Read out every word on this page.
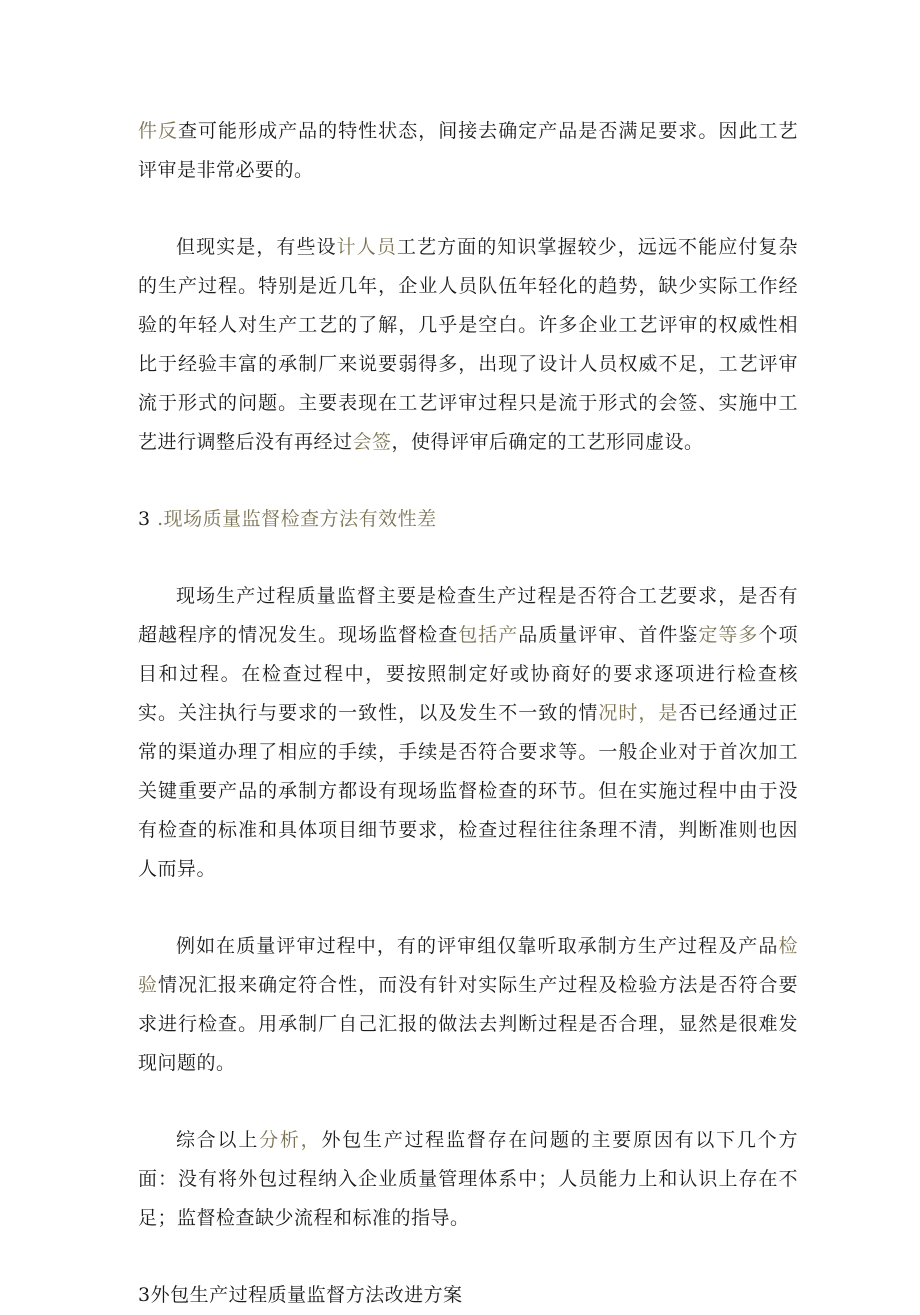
件反查可能形成产品的特性状态，间接去确定产品是否满足要求。因此工艺评审是非常必要的。

但现实是，有些设计人员工艺方面的知识掌握较少，远远不能应付复杂的生产过程。特别是近几年，企业人员队伍年轻化的趋势，缺少实际工作经验的年轻人对生产工艺的了解，几乎是空白。许多企业工艺评审的权威性相比于经验丰富的承制厂来说要弱得多，出现了设计人员权威不足，工艺评审流于形式的问题。主要表现在工艺评审过程只是流于形式的会签、实施中工艺进行调整后没有再经过会签，使得评审后确定的工艺形同虚设。

3 .现场质量监督检查方法有效性差

现场生产过程质量监督主要是检查生产过程是否符合工艺要求，是否有超越程序的情况发生。现场监督检查包括产品质量评审、首件鉴定等多个项目和过程。在检查过程中，要按照制定好或协商好的要求逐项进行检查核实。关注执行与要求的一致性，以及发生不一致的情况时，是否已经通过正常的渠道办理了相应的手续，手续是否符合要求等。一般企业对于首次加工关键重要产品的承制方都设有现场监督检查的环节。但在实施过程中由于没有检查的标准和具体项目细节要求，检查过程往往条理不清，判断准则也因人而异。

例如在质量评审过程中，有的评审组仅靠听取承制方生产过程及产品检验情况汇报来确定符合性，而没有针对实际生产过程及检验方法是否符合要求进行检查。用承制厂自己汇报的做法去判断过程是否合理，显然是很难发现问题的。

综合以上分析，外包生产过程监督存在问题的主要原因有以下几个方面：没有将外包过程纳入企业质量管理体系中；人员能力上和认识上存在不足；监督检查缺少流程和标准的指导。

3外包生产过程质量监督方法改进方案
